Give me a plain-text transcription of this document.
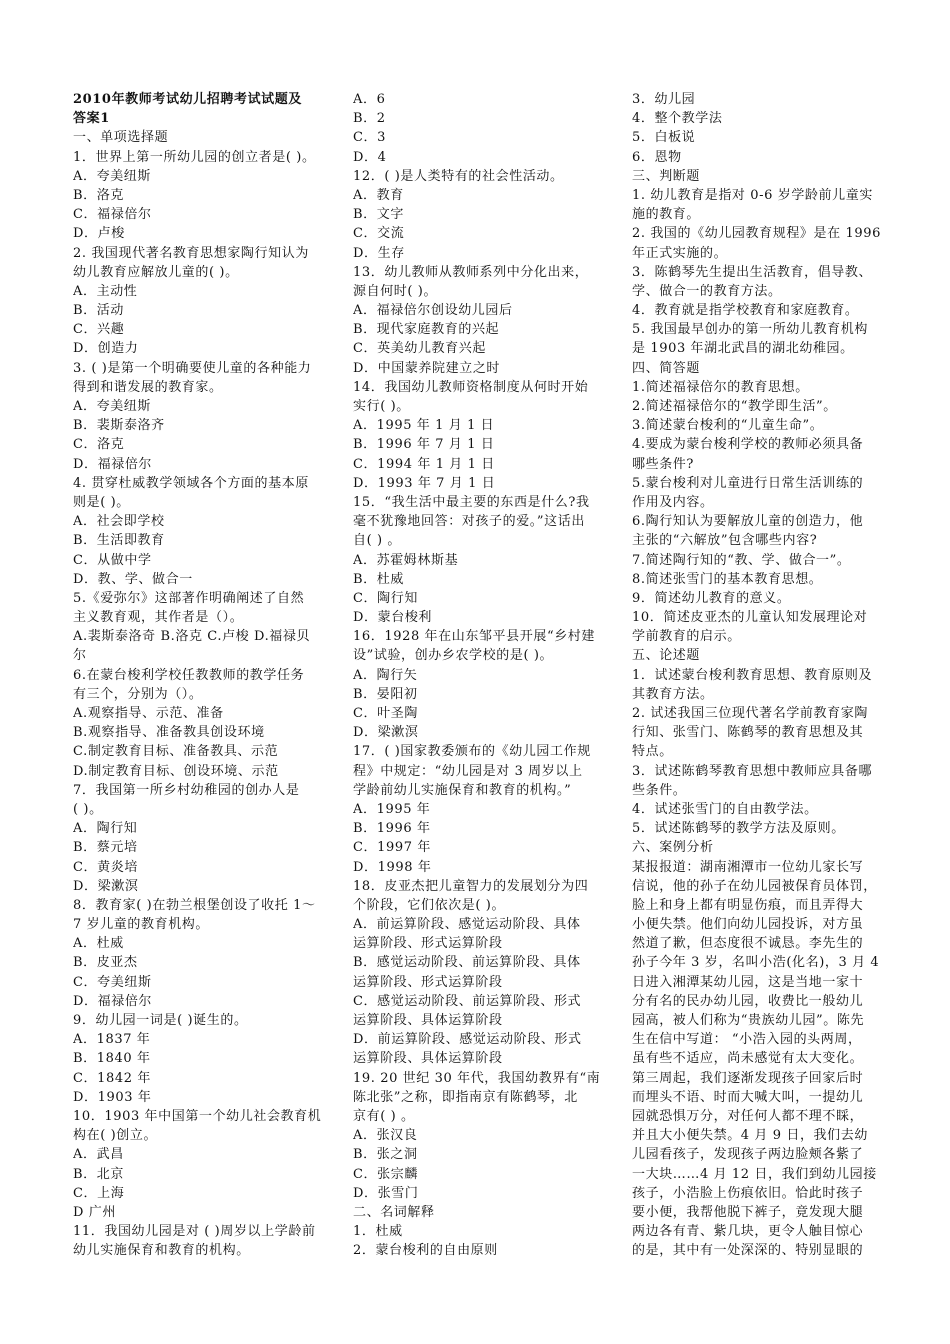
2010年教师考试幼儿招聘考试试题及
答案1
一、单项选择题
1．世界上第一所幼儿园的创立者是( )。
A．夸美纽斯
B．洛克
C．福禄倍尔
D．卢梭
2. 我国现代著名教育思想家陶行知认为
幼儿教育应解放儿童的( )。
A．主动性
B．活动
C．兴趣
D．创造力
3. ( )是第一个明确要使儿童的各种能力
得到和谐发展的教育家。
A．夸美纽斯
B．裴斯泰洛齐
C．洛克
D．福禄倍尔
4. 贯穿杜威教学领域各个方面的基本原
则是( )。
A．社会即学校
B．生活即教育
C．从做中学
D．教、学、做合一
5.《爱弥尔》这部著作明确阐述了自然
主义教育观，其作者是（）。
A.裴斯泰洛奇 B.洛克 C.卢梭 D.福禄贝
尔
6.在蒙台梭利学校任教教师的教学任务
有三个，分别为（）。
A.观察指导、示范、准备
B.观察指导、准备教具创设环境
C.制定教育目标、准备教具、示范
D.制定教育目标、创设环境、示范
7．我国第一所乡村幼稚园的创办人是
( )。
A．陶行知
B．蔡元培
C．黄炎培
D．梁漱溟
8．教育家( )在勃兰根堡创设了收托 1～
7 岁儿童的教育机构。
A．杜威
B．皮亚杰
C．夸美纽斯
D．福禄倍尔
9．幼儿园一词是( )诞生的。
A．1837 年
B．1840 年
C．1842 年
D．1903 年
10．1903 年中国第一个幼儿社会教育机
构在( )创立。
A．武昌
B．北京
C．上海
D 广州
11．我国幼儿园是对 ( )周岁以上学龄前
幼儿实施保育和教育的机构。
A．6
B．2
C．3
D．4
12．( )是人类特有的社会性活动。
A．教育
B．文字
C．交流
D．生存
13．幼儿教师从教师系列中分化出来，
源自何时( )。
A．福禄倍尔创设幼儿园后
B．现代家庭教育的兴起
C．英美幼儿教育兴起
D．中国蒙养院建立之时
14．我国幼儿教师资格制度从何时开始
实行( )。
A．1995 年 1 月 1 日
B．1996 年 7 月 1 日
C．1994 年 1 月 1 日
D．1993 年 7 月 1 日
15．“我生活中最主要的东西是什么?我
毫不犹豫地回答：对孩子的爱。”这话出
自( ) 。
A．苏霍姆林斯基
B．杜威
C．陶行知
D．蒙台梭利
16．1928 年在山东邹平县开展“乡村建
设”试验，创办乡农学校的是( )。
A．陶行矢
B．晏阳初
C．叶圣陶
D．梁漱溟
17．( )国家教委颁布的《幼儿园工作规
程》中规定：“幼儿园是对 3 周岁以上
学龄前幼儿实施保育和教育的机构。”
A．1995 年
B．1996 年
C．1997 年
D．1998 年
18．皮亚杰把儿童智力的发展划分为四
个阶段，它们依次是( )。
A．前运算阶段、感觉运动阶段、具体
运算阶段、形式运算阶段
B．感觉运动阶段、前运算阶段、具体
运算阶段、形式运算阶段
C．感觉运动阶段、前运算阶段、形式
运算阶段、具体运算阶段
D．前运算阶段、感觉运动阶段、形式
运算阶段、具体运算阶段
19. 20 世纪 30 年代，我国幼教界有“南
陈北张”之称，即指南京有陈鹤琴，北
京有( ) 。
A．张汉良
B．张之洞
C．张宗麟
D．张雪门
二、名词解释
1．杜威
2．蒙台梭利的自由原则
3．幼儿园
4．整个教学法
5．白板说
6．恩物
三、判断题
1. 幼儿教育是指对 0-6 岁学龄前儿童实
施的教育。
2. 我国的《幼儿园教育规程》是在 1996
年正式实施的。
3．陈鹤琴先生提出生活教育，倡导教、
学、做合一的教育方法。
4．教育就是指学校教育和家庭教育。
5. 我国最早创办的第一所幼儿教育机构
是 1903 年湖北武昌的湖北幼稚园。
四、简答题
1.简述福禄倍尔的教育思想。
2.简述福禄倍尔的“教学即生活”。
3.简述蒙台梭利的“儿童生命”。
4.要成为蒙台梭利学校的教师必须具备
哪些条件?
5.蒙台梭利对儿童进行日常生活训练的
作用及内容。
6.陶行知认为要解放儿童的创造力，他
主张的“六解放”包含哪些内容?
7.简述陶行知的“教、学、做合一”。
8.简述张雪门的基本教育思想。
9．简述幼儿教育的意义。
10．简述皮亚杰的儿童认知发展理论对
学前教育的启示。
五、论述题
1．试述蒙台梭利教育思想、教育原则及
其教育方法。
2. 试述我国三位现代著名学前教育家陶
行知、张雪门、陈鹤琴的教育思想及其
特点。
3．试述陈鹤琴教育思想中教师应具备哪
些条件。
4．试述张雪门的自由教学法。
5．试述陈鹤琴的教学方法及原则。
六、案例分析
某报报道：湖南湘潭市一位幼儿家长写
信说，他的孙子在幼儿园被保育员体罚，
脸上和身上都有明显伤痕，而且弄得大
小便失禁。他们向幼儿园投诉，对方虽
然道了歉，但态度很不诚恳。李先生的
孙子今年 3 岁，名叫小浩(化名)，3 月 4
日进入湘潭某幼儿园，这是当地一家十
分有名的民办幼儿园，收费比一般幼儿
园高，被人们称为“贵族幼儿园”。陈先
生在信中写道： “小浩入园的头两周，
虽有些不适应，尚未感觉有太大变化。
第三周起，我们逐渐发现孩子回家后时
而埋头不语、时而大喊大叫，一提幼儿
园就恐惧万分，对任何人都不理不睬，
并且大小便失禁。4 月 9 日，我们去幼
儿园看孩子，发现孩子两边脸颊各紫了
一大块……4 月 12 日，我们到幼儿园接
孩子，小浩脸上伤痕依旧。恰此时孩子
要小便，我帮他脱下裤子，竟发现大腿
两边各有青、紫几块，更令人触目惊心
的是，其中有一处深深的、特别显眼的
